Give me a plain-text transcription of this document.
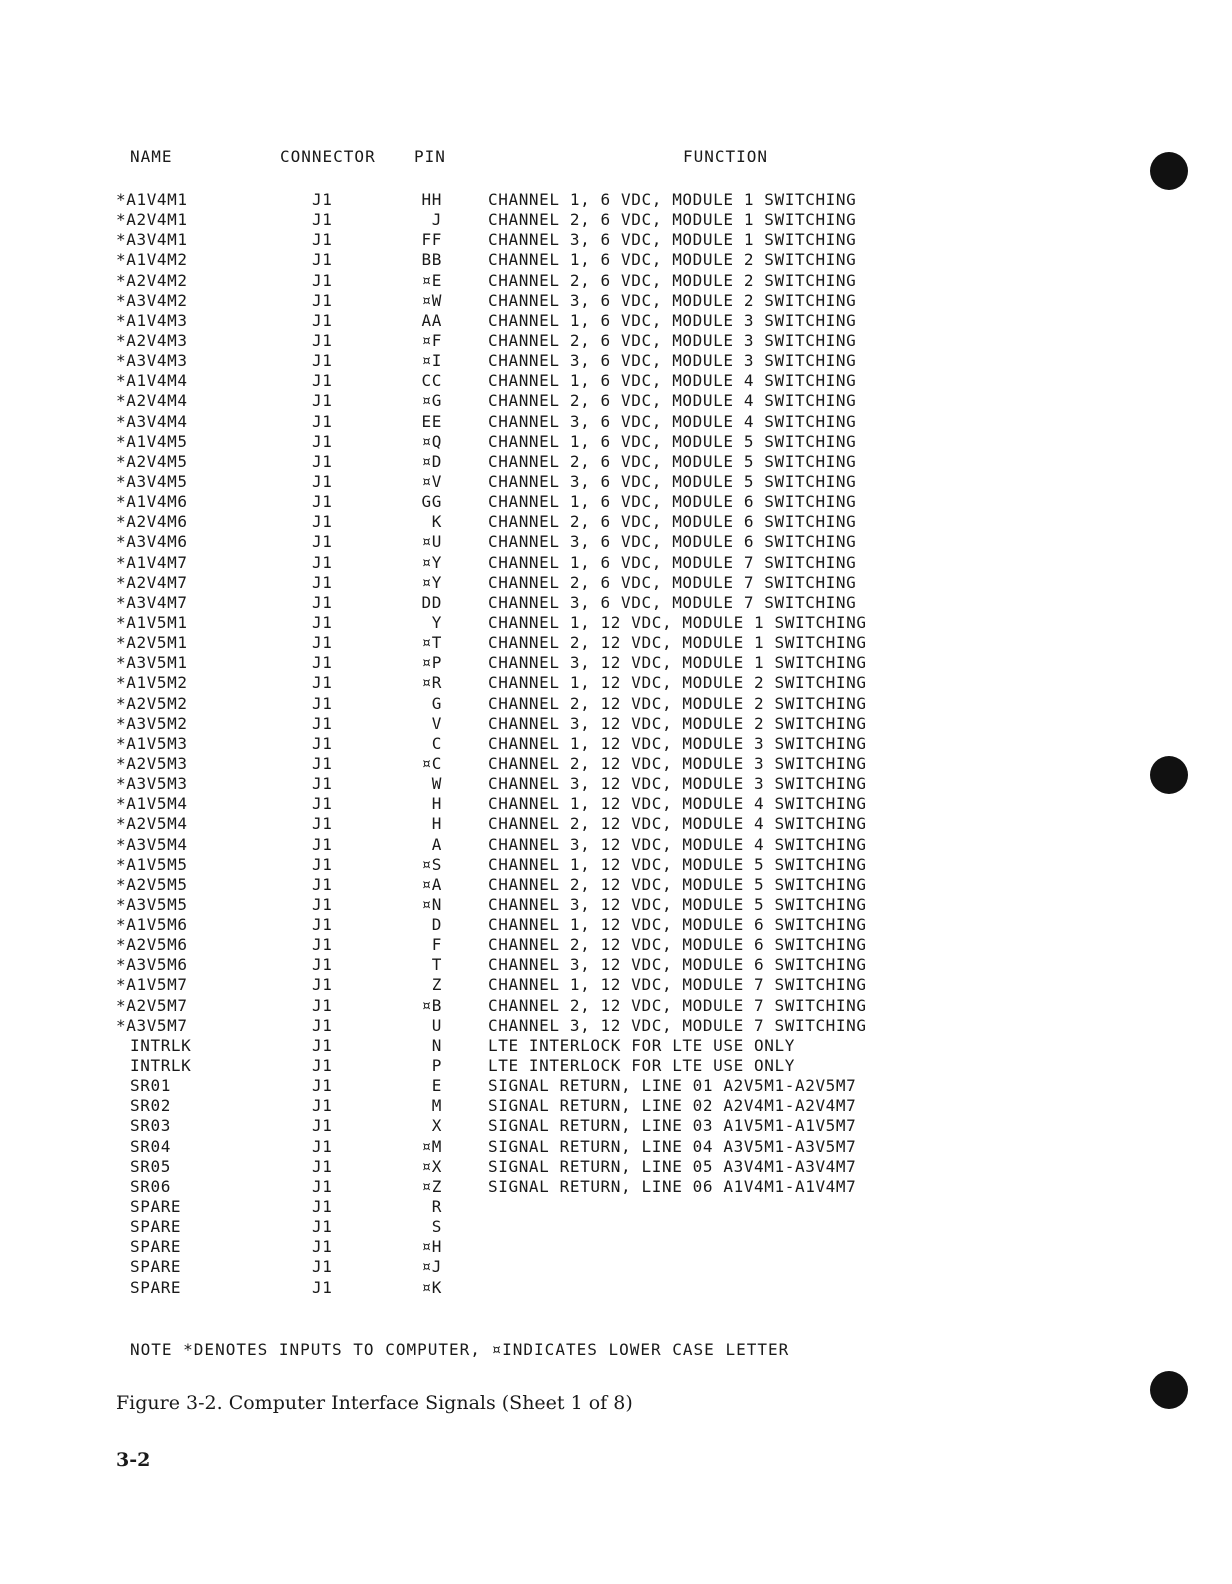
NAME	CONNECTOR PIN	FUNCTION
*A1V4M1	J1	HH	CHANNEL 1, 6 VDC, MODULE 1 SWITCHING
*A2V4M1	J1	J	CHANNEL 2, 6 VDC, MODULE 1 SWITCHING
*A3V4M1	J1	FF	CHANNEL 3, 6 VDC, MODULE 1 SWITCHING
*A1V4M2	J1	BB	CHANNEL 1, 6 VDC, MODULE 2 SWITCHING
*A2V4M2	J1	¤E	CHANNEL 2, 6 VDC, MODULE 2 SWITCHING
*A3V4M2	J1	¤W	CHANNEL 3, 6 VDC, MODULE 2 SWITCHING
*A1V4M3	J1	AA	CHANNEL 1, 6 VDC, MODULE 3 SWITCHING
*A2V4M3	J1	¤F	CHANNEL 2, 6 VDC, MODULE 3 SWITCHING
*A3V4M3	J1	¤I	CHANNEL 3, 6 VDC, MODULE 3 SWITCHING
*A1V4M4	J1	CC	CHANNEL 1, 6 VDC, MODULE 4 SWITCHING
*A2V4M4	J1	¤G	CHANNEL 2, 6 VDC, MODULE 4 SWITCHING
*A3V4M4	J1	EE	CHANNEL 3, 6 VDC, MODULE 4 SWITCHING
*A1V4M5	J1	¤Q	CHANNEL 1, 6 VDC, MODULE 5 SWITCHING
*A2V4M5	J1	¤D	CHANNEL 2, 6 VDC, MODULE 5 SWITCHING
*A3V4M5	J1	¤V	CHANNEL 3, 6 VDC, MODULE 5 SWITCHING
*A1V4M6	J1	GG	CHANNEL 1, 6 VDC, MODULE 6 SWITCHING
*A2V4M6	J1	K	CHANNEL 2, 6 VDC, MODULE 6 SWITCHING
*A3V4M6	J1	¤U	CHANNEL 3, 6 VDC, MODULE 6 SWITCHING
*A1V4M7	J1	¤Y	CHANNEL 1, 6 VDC, MODULE 7 SWITCHING
*A2V4M7	J1	¤Y	CHANNEL 2, 6 VDC, MODULE 7 SWITCHING
*A3V4M7	J1	DD	CHANNEL 3, 6 VDC, MODULE 7 SWITCHING
*A1V5M1	J1	Y	CHANNEL 1, 12 VDC, MODULE 1 SWITCHING
*A2V5M1	J1	¤T	CHANNEL 2, 12 VDC, MODULE 1 SWITCHING
*A3V5M1	J1	¤P	CHANNEL 3, 12 VDC, MODULE 1 SWITCHING
*A1V5M2	J1	¤R	CHANNEL 1, 12 VDC, MODULE 2 SWITCHING
*A2V5M2	J1	G	CHANNEL 2, 12 VDC, MODULE 2 SWITCHING
*A3V5M2	J1	V	CHANNEL 3, 12 VDC, MODULE 2 SWITCHING
*A1V5M3	J1	C	CHANNEL 1, 12 VDC, MODULE 3 SWITCHING
*A2V5M3	J1	¤C	CHANNEL 2, 12 VDC, MODULE 3 SWITCHING
*A3V5M3	J1	W	CHANNEL 3, 12 VDC, MODULE 3 SWITCHING
*A1V5M4	J1	H	CHANNEL 1, 12 VDC, MODULE 4 SWITCHING
*A2V5M4	J1	H	CHANNEL 2, 12 VDC, MODULE 4 SWITCHING
*A3V5M4	J1	A	CHANNEL 3, 12 VDC, MODULE 4 SWITCHING
*A1V5M5	J1	¤S	CHANNEL 1, 12 VDC, MODULE 5 SWITCHING
*A2V5M5	J1	¤A	CHANNEL 2, 12 VDC, MODULE 5 SWITCHING
*A3V5M5	J1	¤N	CHANNEL 3, 12 VDC, MODULE 5 SWITCHING
*A1V5M6	J1	D	CHANNEL 1, 12 VDC, MODULE 6 SWITCHING
*A2V5M6	J1	F	CHANNEL 2, 12 VDC, MODULE 6 SWITCHING
*A3V5M6	J1	T	CHANNEL 3, 12 VDC, MODULE 6 SWITCHING
*A1V5M7	J1	Z	CHANNEL 1, 12 VDC, MODULE 7 SWITCHING
*A2V5M7	J1	¤B	CHANNEL 2, 12 VDC, MODULE 7 SWITCHING
*A3V5M7	J1	U	CHANNEL 3, 12 VDC, MODULE 7 SWITCHING
INTRLK	J1	N	LTE INTERLOCK FOR LTE USE ONLY
INTRLK	J1	P	LTE INTERLOCK FOR LTE USE ONLY
SR01	J1	E	SIGNAL RETURN, LINE 01 A2V5M1-A2V5M7
SR02	J1	M	SIGNAL RETURN, LINE 02 A2V4M1-A2V4M7
SR03	J1	X	SIGNAL RETURN, LINE 03 A1V5M1-A1V5M7
SR04	J1	¤M	SIGNAL RETURN, LINE 04 A3V5M1-A3V5M7
SR05	J1	¤X	SIGNAL RETURN, LINE 05 A3V4M1-A3V4M7
SR06	J1	¤Z	SIGNAL RETURN, LINE 06 A1V4M1-A1V4M7
SPARE	J1	R
SPARE	J1	S
SPARE	J1	¤H
SPARE	J1	¤J
SPARE	J1	¤K
NOTE *DENOTES INPUTS TO COMPUTER, ¤INDICATES LOWER CASE LETTER
Figure 3-2. Computer Interface Signals (Sheet 1 of 8)
3-2
